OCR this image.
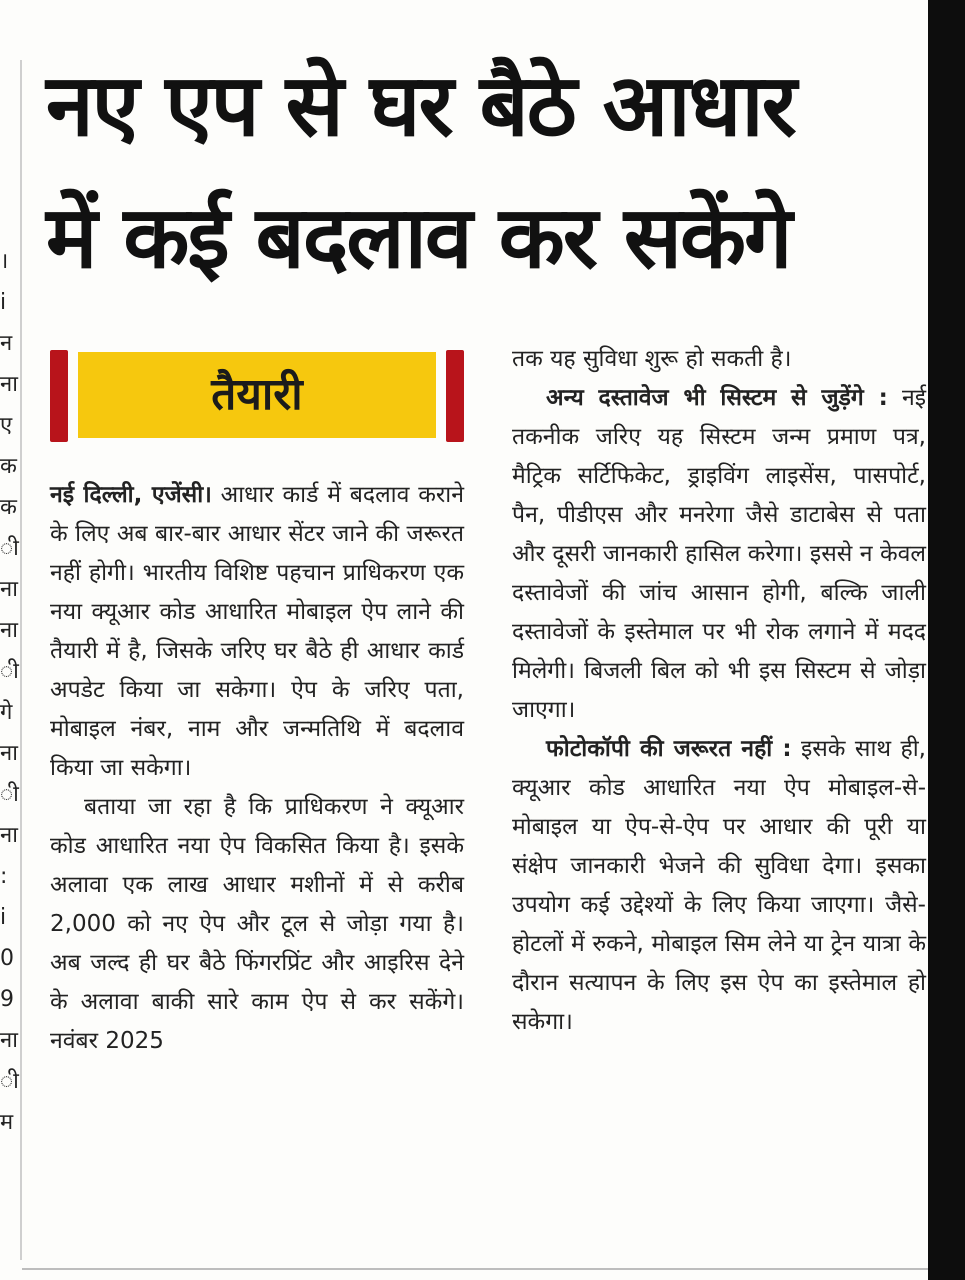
।
i
न
ना
ए
क
क
ी
ना
ना
ी
गे
ना
ी
ना
:
i
0
9
ना
ी
म
नए एप से घर बैठे आधार
में कई बदलाव कर सकेंगे
तैयारी

नई दिल्ली, एजेंसी। आधार कार्ड में बदलाव कराने के लिए अब बार-बार आधार सेंटर जाने की जरूरत नहीं होगी। भारतीय विशिष्ट पहचान प्राधिकरण एक नया क्यूआर कोड आधारित मोबाइल ऐप लाने की तैयारी में है, जिसके जरिए घर बैठे ही आधार कार्ड अपडेट किया जा सकेगा। ऐप के जरिए पता, मोबाइल नंबर, नाम और जन्मतिथि में बदलाव किया जा सकेगा।

बताया जा रहा है कि प्राधिकरण ने क्यूआर कोड आधारित नया ऐप विकसित किया है। इसके अलावा एक लाख आधार मशीनों में से करीब 2,000 को नए ऐप और टूल से जोड़ा गया है। अब जल्द ही घर बैठे फिंगरप्रिंट और आइरिस देने के अलावा बाकी सारे काम ऐप से कर सकेंगे। नवंबर 2025

तक यह सुविधा शुरू हो सकती है।

अन्य दस्तावेज भी सिस्टम से जुड़ेंगे : नई तकनीक जरिए यह सिस्टम जन्म प्रमाण पत्र, मैट्रिक सर्टिफिकेट, ड्राइविंग लाइसेंस, पासपोर्ट, पैन, पीडीएस और मनरेगा जैसे डाटाबेस से पता और दूसरी जानकारी हासिल करेगा। इससे न केवल दस्तावेजों की जांच आसान होगी, बल्कि जाली दस्तावेजों के इस्तेमाल पर भी रोक लगाने में मदद मिलेगी। बिजली बिल को भी इस सिस्टम से जोड़ा जाएगा।

फोटोकॉपी की जरूरत नहीं : इसके साथ ही, क्यूआर कोड आधारित नया ऐप मोबाइल-से-मोबाइल या ऐप-से-ऐप पर आधार की पूरी या संक्षेप जानकारी भेजने की सुविधा देगा। इसका उपयोग कई उद्देश्यों के लिए किया जाएगा। जैसे- होटलों में रुकने, मोबाइल सिम लेने या ट्रेन यात्रा के दौरान सत्यापन के लिए इस ऐप का इस्तेमाल हो सकेगा।
